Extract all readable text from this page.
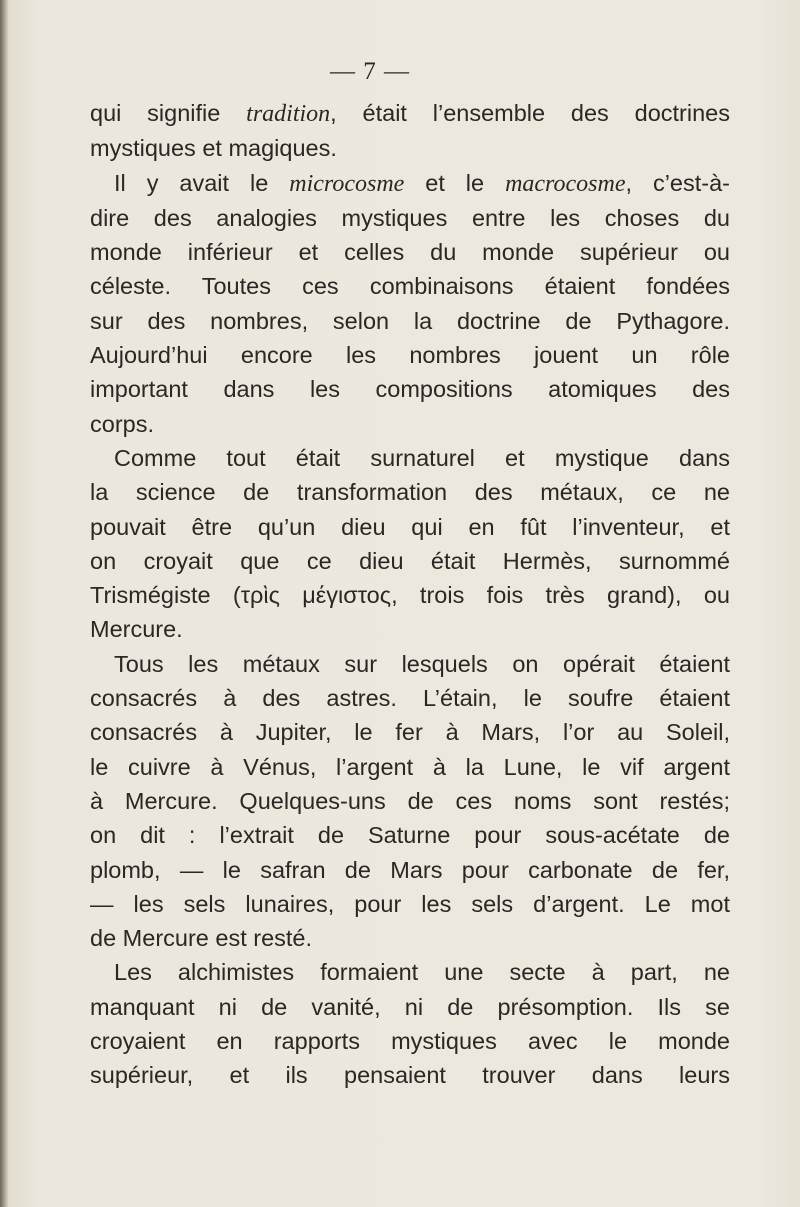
— 7 —
qui signifie tradition, était l’ensemble des doctrines
mystiques et magiques.
Il y avait le microcosme et le macrocosme, c’est-à-
dire des analogies mystiques entre les choses du
monde inférieur et celles du monde supérieur ou
céleste. Toutes ces combinaisons étaient fondées
sur des nombres, selon la doctrine de Pythagore.
Aujourd’hui encore les nombres jouent un rôle
important dans les compositions atomiques des
corps.
Comme tout était surnaturel et mystique dans
la science de transformation des métaux, ce ne
pouvait être qu’un dieu qui en fût l’inventeur, et
on croyait que ce dieu était Hermès, surnommé
Trismégiste (τρὶς μέγιστος, trois fois très grand), ou
Mercure.
Tous les métaux sur lesquels on opérait étaient
consacrés à des astres. L’étain, le soufre étaient
consacrés à Jupiter, le fer à Mars, l’or au Soleil,
le cuivre à Vénus, l’argent à la Lune, le vif argent
à Mercure. Quelques-uns de ces noms sont restés;
on dit : l’extrait de Saturne pour sous-acétate de
plomb, — le safran de Mars pour carbonate de fer,
— les sels lunaires, pour les sels d’argent. Le mot
de Mercure est resté.
Les alchimistes formaient une secte à part, ne
manquant ni de vanité, ni de présomption. Ils se
croyaient en rapports mystiques avec le monde
supérieur, et ils pensaient trouver dans leurs
